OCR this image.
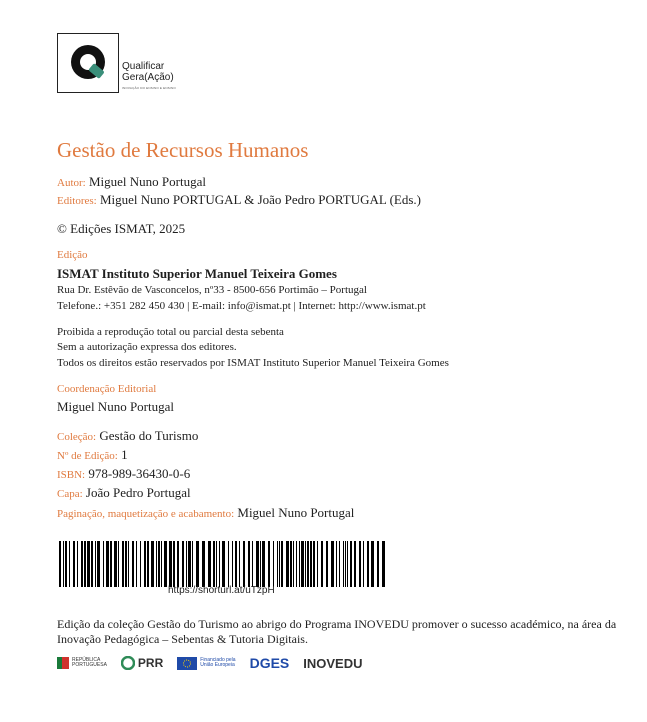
Qualificar
Gera(Ação)
INOVAÇÃO DO ENSINO E ENSINO
Gestão de Recursos Humanos
Autor: Miguel Nuno Portugal
Editores: Miguel Nuno PORTUGAL & João Pedro PORTUGAL (Eds.)
© Edições ISMAT, 2025
Edição
ISMAT Instituto Superior Manuel Teixeira Gomes
Rua Dr. Estêvão de Vasconcelos, nº33 - 8500-656 Portimão – Portugal
Telefone.: +351 282 450 430 | E-mail: info@ismat.pt | Internet: http://www.ismat.pt
Proibida a reprodução total ou parcial desta sebenta
Sem a autorização expressa dos editores.
Todos os direitos estão reservados por ISMAT Instituto Superior Manuel Teixeira Gomes
Coordenação Editorial
Miguel Nuno Portugal
Coleção: Gestão do Turismo
Nº de Edição: 1
ISBN: 978-989-36430-0-6
Capa: João Pedro Portugal
Paginação, maquetização e acabamento: Miguel Nuno Portugal
https://shorturl.at/uTzpH
Edição da coleção Gestão do Turismo ao abrigo do Programa INOVEDU promover o sucesso académico, na área da Inovação Pedagógica – Sebentas & Tutoria Digitais.
REPÚBLICA
PORTUGUESA	PRR	Financiado pela
União Europeia DGES INOVEDU
